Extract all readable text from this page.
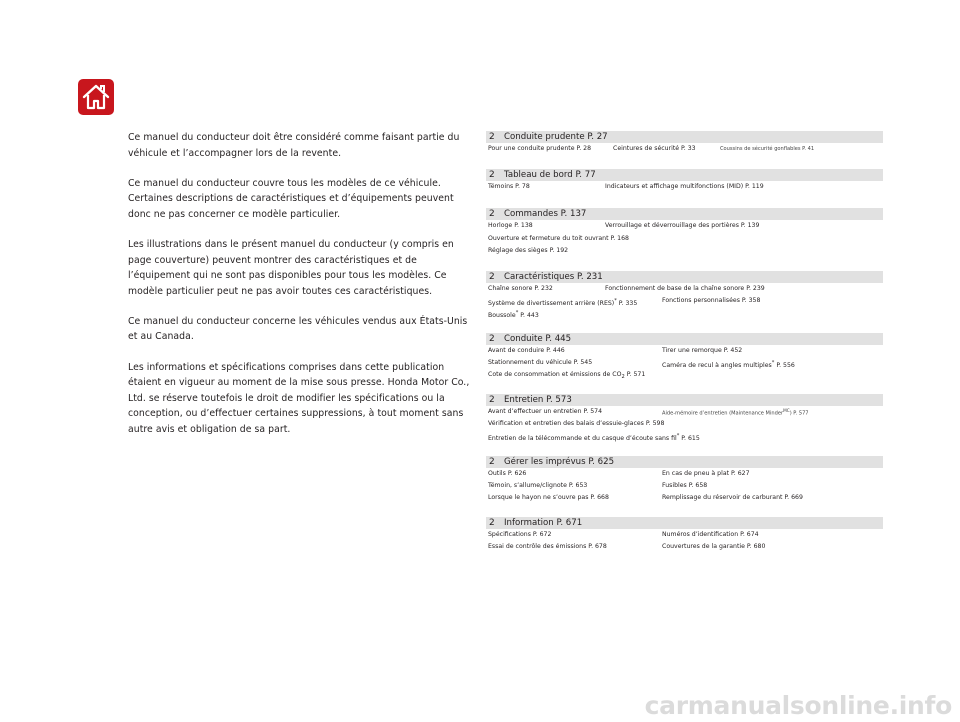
Ce manuel du conducteur doit être considéré comme faisant partie du véhicule et l’accompagner lors de la revente.

Ce manuel du conducteur couvre tous les modèles de ce véhicule. Certaines descriptions de caractéristiques et d’équipements peuvent donc ne pas concerner ce modèle particulier.

Les illustrations dans le présent manuel du conducteur (y compris en page couverture) peuvent montrer des caractéristiques et de l’équipement qui ne sont pas disponibles pour tous les modèles. Ce modèle particulier peut ne pas avoir toutes ces caractéristiques.

Ce manuel du conducteur concerne les véhicules vendus aux États-Unis et au Canada.

Les informations et spécifications comprises dans cette publication étaient en vigueur au moment de la mise sous presse. Honda Motor Co., Ltd. se réserve toutefois le droit de modifier les spécifications ou la conception, ou d’effectuer certaines suppressions, à tout moment sans autre avis et obligation de sa part.

2 Conduite prudente P. 27
Pour une conduite prudente P. 28	Ceintures de sécurité P. 33	Coussins de sécurité gonflables P. 41
2 Tableau de bord P. 77
Témoins P. 78	Indicateurs et affichage multifonctions (MID) P. 119
2 Commandes P. 137
Horloge P. 138	Verrouillage et déverrouillage des portières P. 139
Ouverture et fermeture du toit ouvrant P. 168
Réglage des sièges P. 192
2 Caractéristiques P. 231
Chaîne sonore P. 232	Fonctionnement de base de la chaîne sonore P. 239
Système de divertissement arrière (RES)* P. 335	Fonctions personnalisées P. 358
Boussole* P. 443
2 Conduite P. 445
Avant de conduire P. 446	Tirer une remorque P. 452
Stationnement du véhicule P. 545	Caméra de recul à angles multiples* P. 556
Cote de consommation et émissions de $CO_2$ P. 571
2 Entretien P. 573
Avant d’effectuer un entretien P. 574	Aide-mémoire d’entretien (Maintenance Minder$^{MC}$) P. 577
Vérification et entretien des balais d’essuie-glaces P. 598
Entretien de la télécommande et du casque d’écoute sans fil* P. 615
2 Gérer les imprévus P. 625
Outils P. 626	En cas de pneu à plat P. 627
Témoin, s’allume/clignote P. 653	Fusibles P. 658
Lorsque le hayon ne s’ouvre pas P. 668	Remplissage du réservoir de carburant P. 669
2 Information P. 671
Spécifications P. 672	Numéros d’identification P. 674
Essai de contrôle des émissions P. 678	Couvertures de la garantie P. 680
carmanualsonline.info
